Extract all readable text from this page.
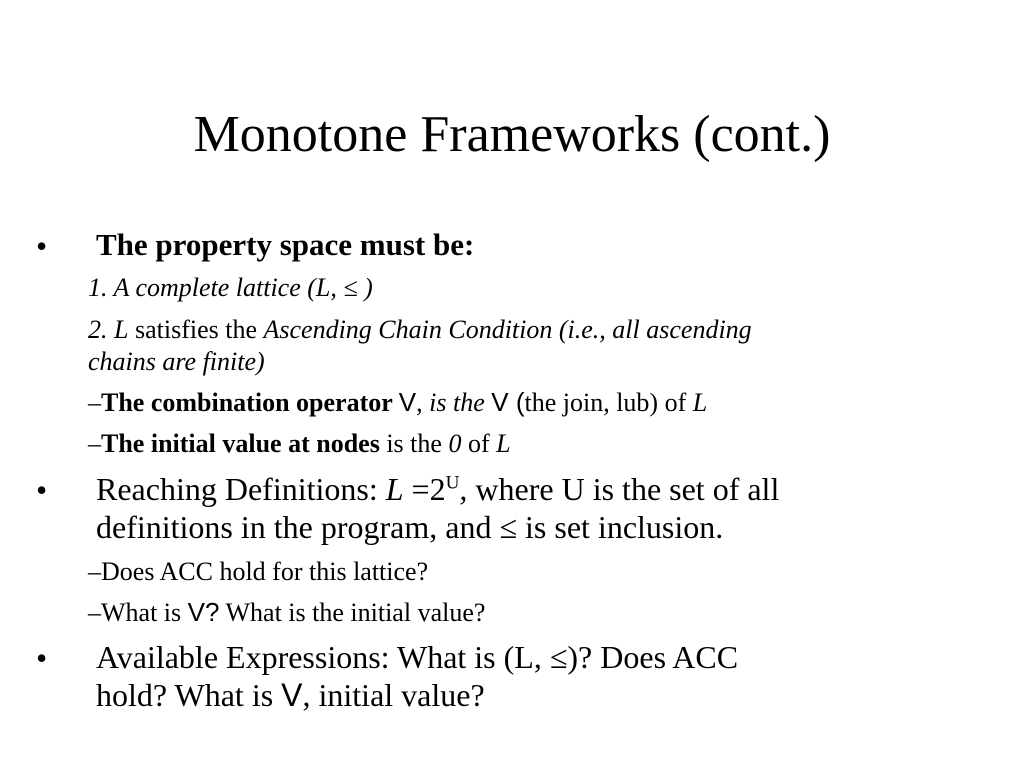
Monotone Frameworks (cont.)
• The property space must be:
1. A complete lattice (L, ≤ )
2. L satisfies the Ascending Chain Condition (i.e., all ascending
chains are finite)
–The combination operator V, is the V (the join, lub) of L
–The initial value at nodes is the 0 of L
• Reaching Definitions: $L =2^U$, where U is the set of all
definitions in the program, and ≤ is set inclusion.
–Does ACC hold for this lattice?
–What is V? What is the initial value?
• Available Expressions: What is (L, ≤)? Does ACC
hold? What is V, initial value?
